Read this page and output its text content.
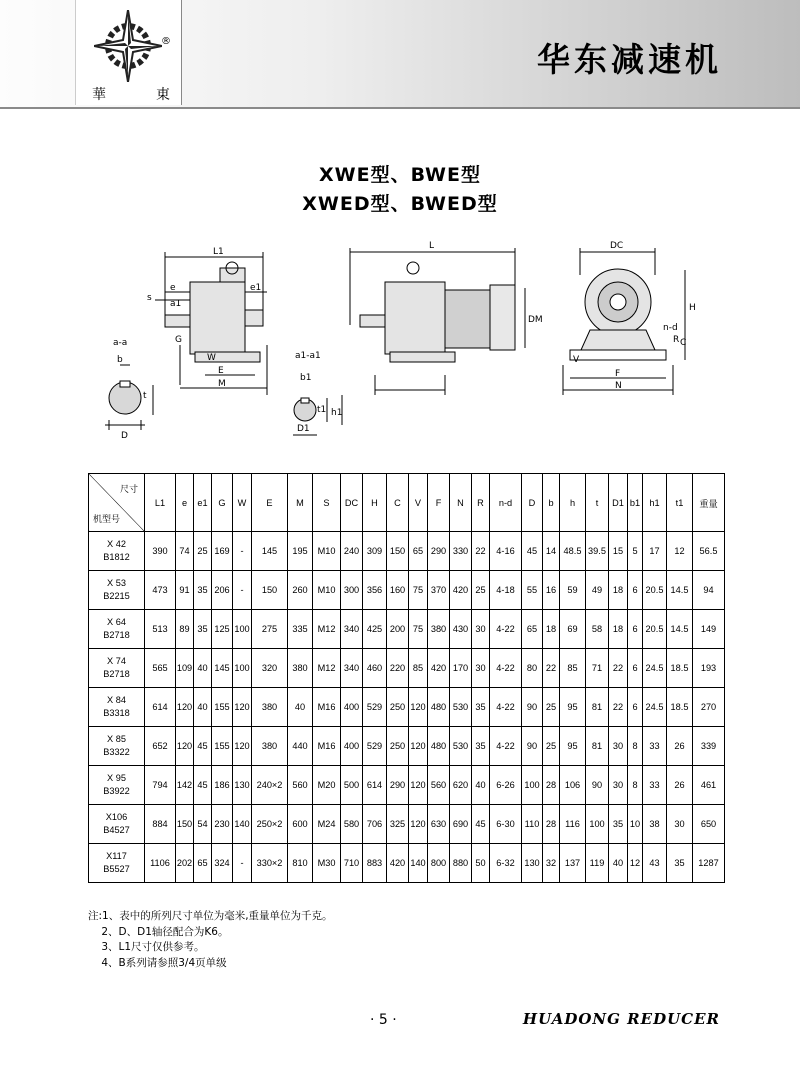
®
華	東
华东减速机
XWE型、BWE型
XWED型、BWED型
L1
L	DC
e	e1
s
a1
G
W
E
M
a-a
b
t
D
DM
a1-a1
b1
h1
t1
D1
H
n-d
C
R
V
F
N
尺寸
机型号	L1	e	e1	G	W	E	M	S	DC	H	C	V	F	N	R	n-d	D	b	h	t	D1	b1	h1	t1	重量

X 42
B1812	390	74	25	169	-	145	195	M10	240	309	150	65	290	330	22	4-16	45	14	48.5	39.5	15	5	17	12	56.5

X 53
B2215	473	91	35	206	-	150	260	M10	300	356	160	75	370	420	25	4-18	55	16	59	49	18	6	20.5	14.5	94

X 64
B2718	513	89	35	125	100	275	335	M12	340	425	200	75	380	430	30	4-22	65	18	69	58	18	6	20.5	14.5	149

X 74
B2718	565	109	40	145	100	320	380	M12	340	460	220	85	420	170	30	4-22	80	22	85	71	22	6	24.5	18.5	193

X 84
B3318	614	120	40	155	120	380	40	M16	400	529	250	120	480	530	35	4-22	90	25	95	81	22	6	24.5	18.5	270

X 85
B3322	652	120	45	155	120	380	440	M16	400	529	250	120	480	530	35	4-22	90	25	95	81	30	8	33	26	339

X 95
B3922	794	142	45	186	130	240×2	560	M20	500	614	290	120	560	620	40	6-26	100	28	106	90	30	8	33	26	461

X106
B4527	884	150	54	230	140	250×2	600	M24	580	706	325	120	630	690	45	6-30	110	28	116	100	35	10	38	30	650

X117
B5527	1106	202	65	324	-	330×2	810	M30	710	883	420	140	800	880	50	6-32	130	32	137	119	40	12	43	35	1287
注:1、表中的所列尺寸单位为毫米,重量单位为千克。
2、D、D1轴径配合为K6。
3、L1尺寸仅供参考。
4、B系列请参照3/4页单级
· 5 ·	HUADONG REDUCER
